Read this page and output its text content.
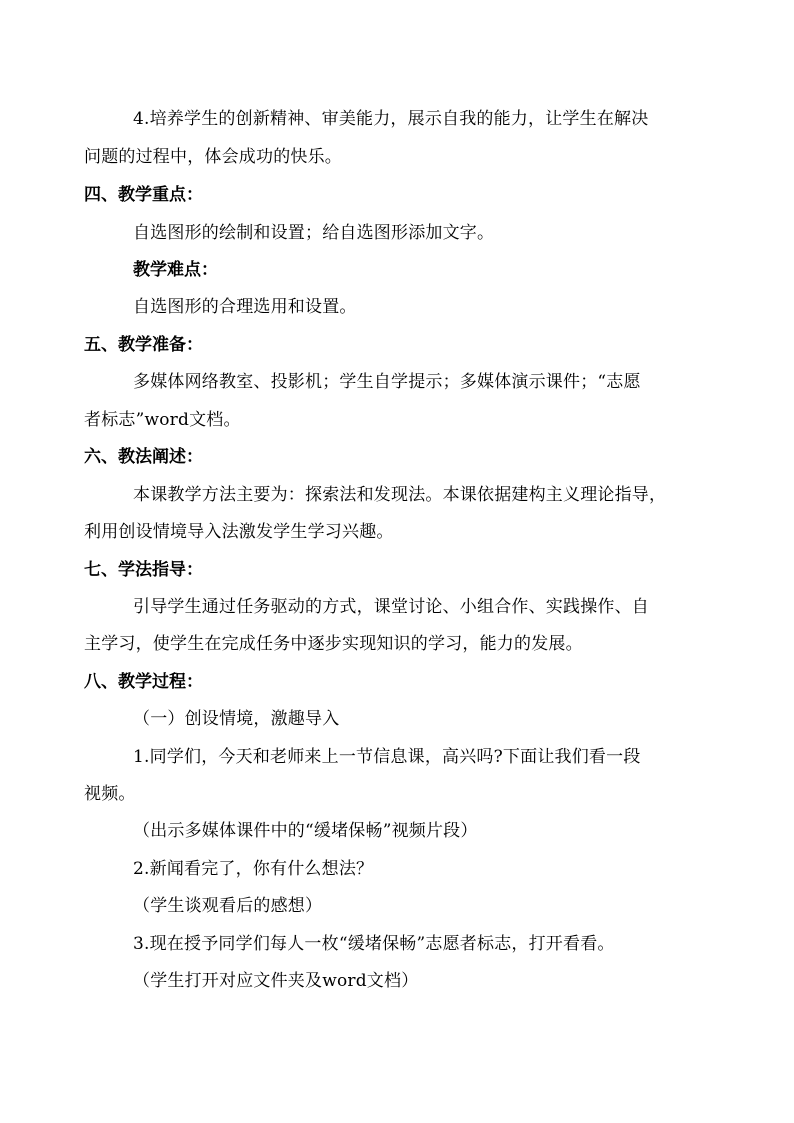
4.培养学生的创新精神、审美能力，展示自我的能力，让学生在解决
问题的过程中，体会成功的快乐。
四、教学重点：
自选图形的绘制和设置；给自选图形添加文字。
教学难点：
自选图形的合理选用和设置。
五、教学准备：
多媒体网络教室、投影机；学生自学提示；多媒体演示课件；“志愿
者标志”word文档。
六、教法阐述：
本课教学方法主要为：探索法和发现法。本课依据建构主义理论指导，
利用创设情境导入法激发学生学习兴趣。
七、学法指导：
引导学生通过任务驱动的方式，课堂讨论、小组合作、实践操作、自
主学习，使学生在完成任务中逐步实现知识的学习，能力的发展。
八、教学过程：
（一）创设情境，激趣导入
1.同学们，今天和老师来上一节信息课，高兴吗?下面让我们看一段
视频。
（出示多媒体课件中的“缓堵保畅”视频片段）
2.新闻看完了，你有什么想法？
（学生谈观看后的感想）
3.现在授予同学们每人一枚“缓堵保畅”志愿者标志，打开看看。
（学生打开对应文件夹及word文档）
